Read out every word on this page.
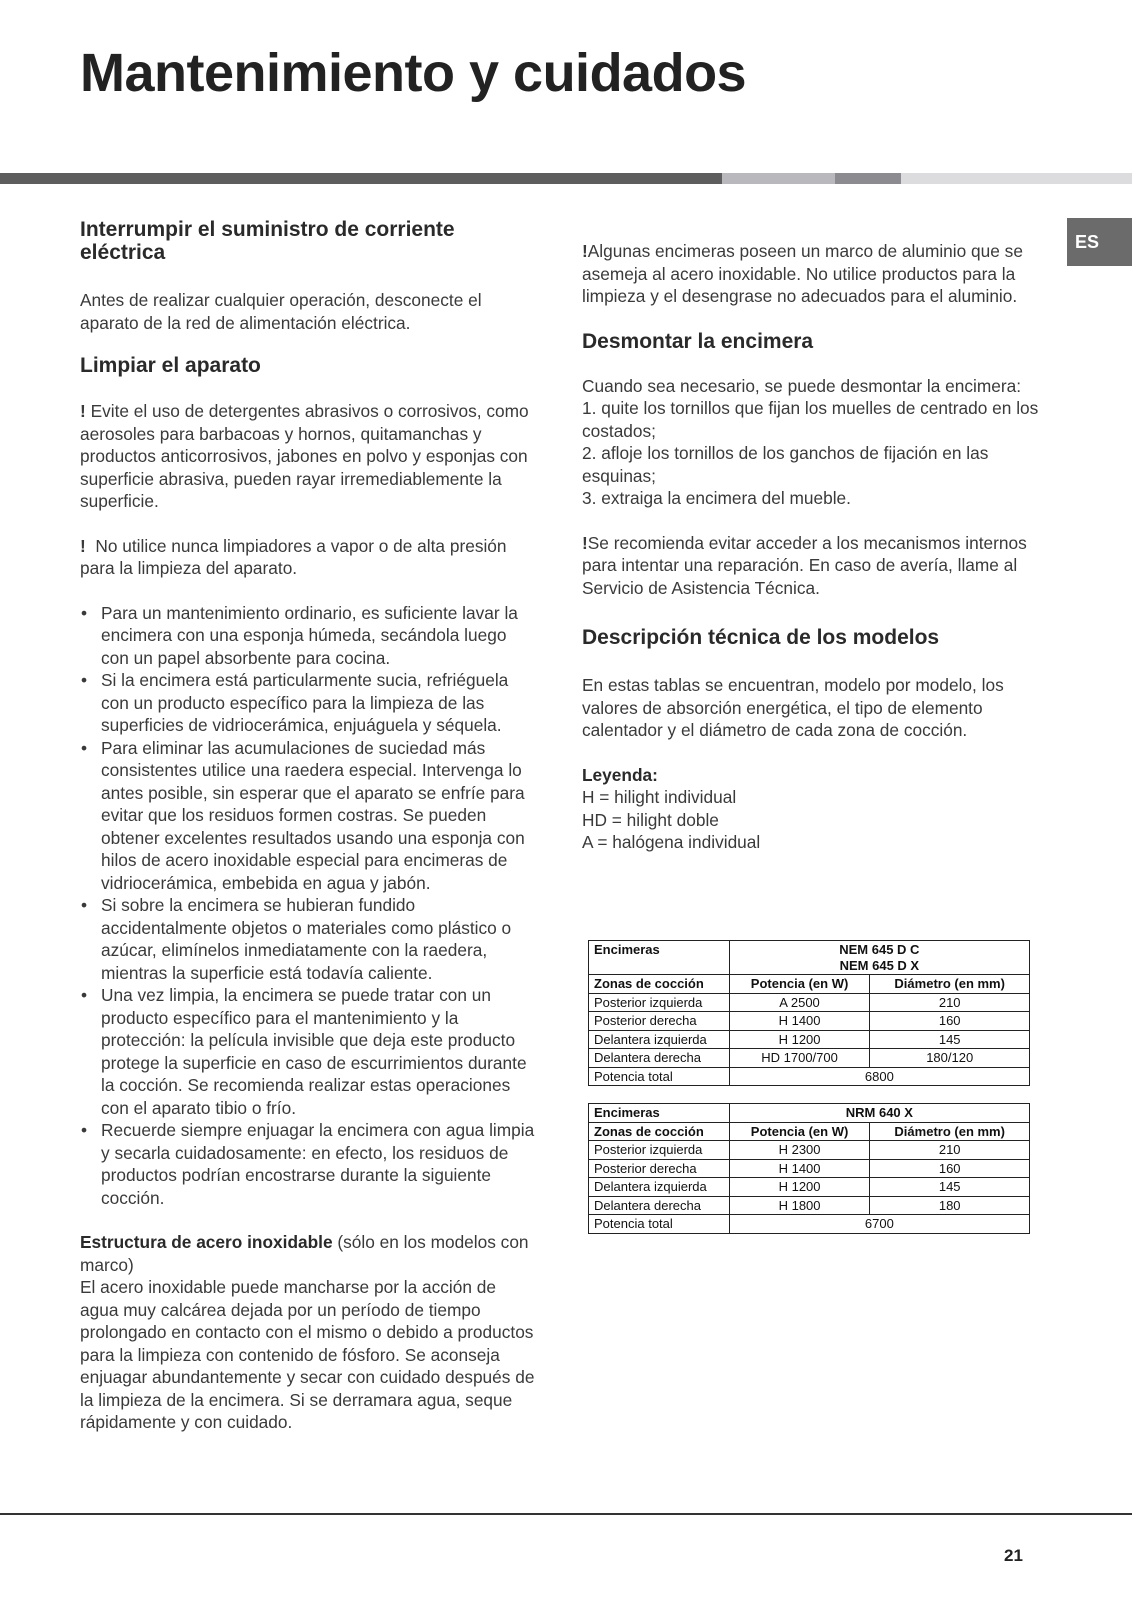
Mantenimiento y cuidados
ES
Interrumpir el suministro de corriente eléctrica

Antes de realizar cualquier operación, desconecte el aparato de la red de alimentación eléctrica.

Limpiar el aparato

! Evite el uso de detergentes abrasivos o corrosivos, como aerosoles para barbacoas y hornos, quitamanchas y productos anticorrosivos, jabones en polvo y esponjas con superficie abrasiva, pueden rayar irremediablemente la superficie.

! No utilice nunca limpiadores a vapor o de alta presión para la limpieza del aparato.

• Para un mantenimiento ordinario, es suficiente lavar la encimera con una esponja húmeda, secándola luego con un papel absorbente para cocina.
• Si la encimera está particularmente sucia, refriéguela con un producto específico para la limpieza de las superficies de vidriocerámica, enjuáguela y séquela.
• Para eliminar las acumulaciones de suciedad más consistentes utilice una raedera especial. Intervenga lo antes posible, sin esperar que el aparato se enfríe para evitar que los residuos formen costras. Se pueden obtener excelentes resultados usando una esponja con hilos de acero inoxidable especial para encimeras de vidriocerámica, embebida en agua y jabón.
• Si sobre la encimera se hubieran fundido accidentalmente objetos o materiales como plástico o azúcar, elimínelos inmediatamente con la raedera, mientras la superficie está todavía caliente.
• Una vez limpia, la encimera se puede tratar con un producto específico para el mantenimiento y la protección: la película invisible que deja este producto protege la superficie en caso de escurrimientos durante la cocción. Se recomienda realizar estas operaciones con el aparato tibio o frío.
• Recuerde siempre enjuagar la encimera con agua limpia y secarla cuidadosamente: en efecto, los residuos de productos podrían encostrarse durante la siguiente cocción.

Estructura de acero inoxidable (sólo en los modelos con marco)

El acero inoxidable puede mancharse por la acción de agua muy calcárea dejada por un período de tiempo prolongado en contacto con el mismo o debido a productos para la limpieza con contenido de fósforo. Se aconseja enjuagar abundantemente y secar con cuidado después de la limpieza de la encimera. Si se derramara agua, seque rápidamente y con cuidado.

!Algunas encimeras poseen un marco de aluminio que se asemeja al acero inoxidable. No utilice productos para la limpieza y el desengrase no adecuados para el aluminio.

Desmontar la encimera

Cuando sea necesario, se puede desmontar la encimera:

1. quite los tornillos que fijan los muelles de centrado en los costados;

2. afloje los tornillos de los ganchos de fijación en las esquinas;

3. extraiga la encimera del mueble.

!Se recomienda evitar acceder a los mecanismos internos para intentar una reparación. En caso de avería, llame al Servicio de Asistencia Técnica.

Descripción técnica de los modelos

En estas tablas se encuentran, modelo por modelo, los valores de absorción energética, el tipo de elemento calentador y el diámetro de cada zona de cocción.

Leyenda:

H = hilight individual

HD = hilight doble

A = halógena individual

Encimeras	NEM 645 D C
NEM 645 D X	

Zonas de cocción	Potencia (en W)	Diámetro (en mm)
Posterior izquierda	A 2500	210
Posterior derecha	H 1400	160
Delantera izquierda	H 1200	145
Delantera derecha	HD 1700/700	180/120
Potencia total	6800	
Encimeras	NRM 640 X	
Zonas de cocción	Potencia (en W)	Diámetro (en mm)
Posterior izquierda	H 2300	210
Posterior derecha	H 1400	160
Delantera izquierda	H 1200	145
Delantera derecha	H 1800	180
Potencia total	6700	
21
